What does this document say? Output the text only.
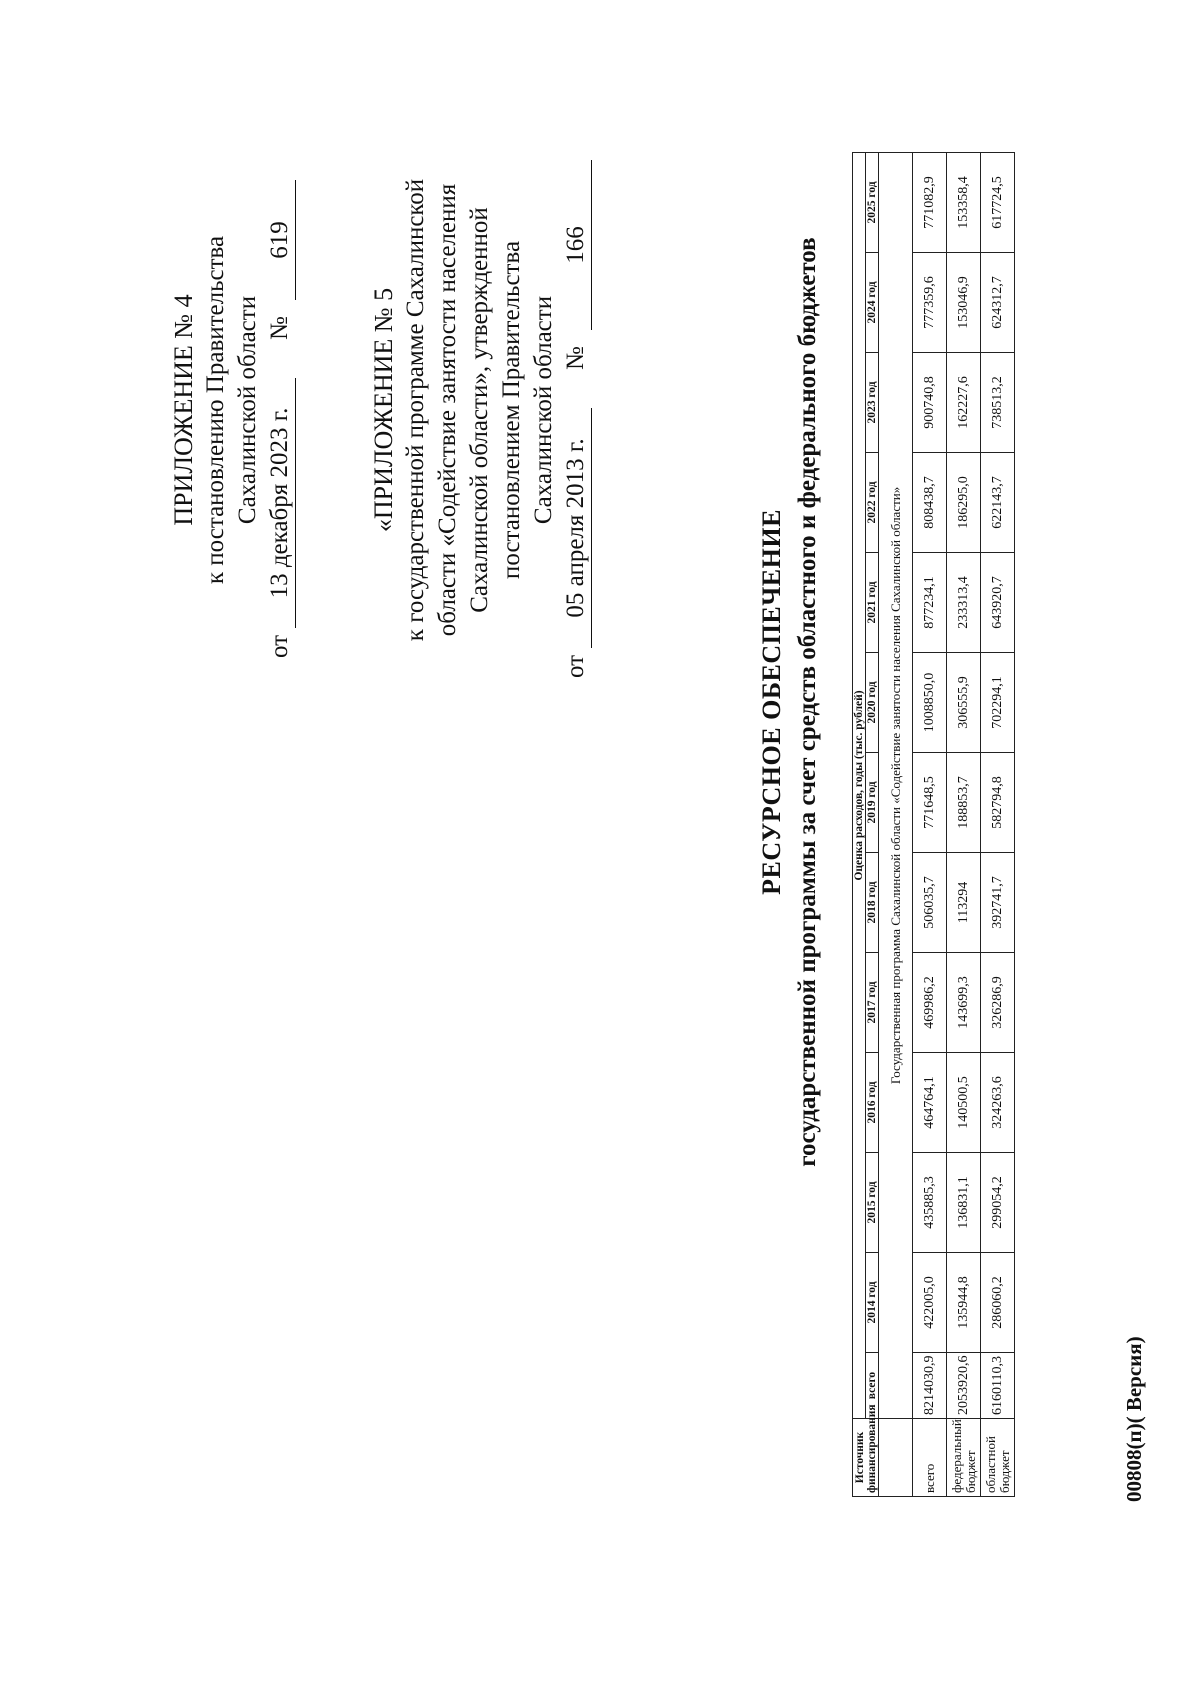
ПРИЛОЖЕНИЕ № 4 к постановлению Правительства Сахалинской области
от
13 декабря 2023 г.
№
619
«ПРИЛОЖЕНИЕ № 5 к государственной программе Сахалинской области «Содействие занятости населения Сахалинской области», утвержденной постановлением Правительства Сахалинской области
от
05 апреля 2013 г.
№
166
РЕСУРСНОЕ ОБЕСПЕЧЕНИЕ государственной программы за счет средств областного и федерального бюджетов
Источник финансирования	Оценка расходов, годы (тыс. рублей)												
	всего	2014 год	2015 год	2016 год	2017 год	2018 год	2019 год	2020 год	2021 год	2022 год	2023 год	2024 год	2025 год
	Государственная программа Сахалинской области «Содействие занятости населения Сахалинской области»												
всего	8214030,9	422005,0	435885,3	464764,1	469986,2	506035,7	771648,5	1008850,0	877234,1	808438,7	900740,8	777359,6	771082,9
федеральный бюджет	2053920,6	135944,8	136831,1	140500,5	143699,3	113294	188853,7	306555,9	233313,4	186295,0	162227,6	153046,9	153358,4
областной бюджет	6160110,3	286060,2	299054,2	324263,6	326286,9	392741,7	582794,8	702294,1	643920,7	622143,7	738513,2	624312,7	617724,5
00808(п)( Версия)
